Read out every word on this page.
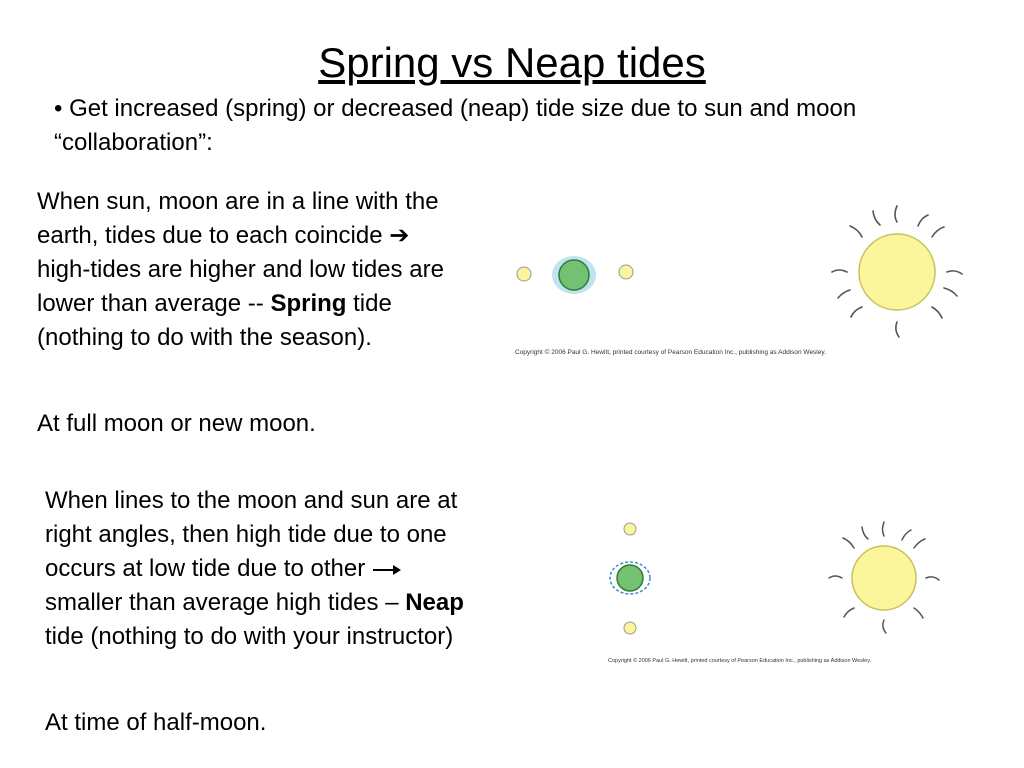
Spring vs Neap tides
• Get increased (spring) or decreased (neap) tide size due to sun and moon “collaboration”:
When sun, moon are in a line with the earth, tides due to each coincide ➔ high-tides are higher and low tides are lower than average -- Spring tide (nothing to do with the season).
At full moon or new moon.
When lines to the moon and sun are at right angles, then high tide due to one occurs at low tide due to other  smaller than average high tides – Neap tide (nothing to do with your instructor)
At time of half-moon.
Copyright © 2006 Paul G. Hewitt, printed courtesy of Pearson Education Inc., publishing as Addison Wesley.
Copyright © 2006 Paul G. Hewitt, printed courtesy of Pearson Education Inc., publishing as Addison Wesley.
